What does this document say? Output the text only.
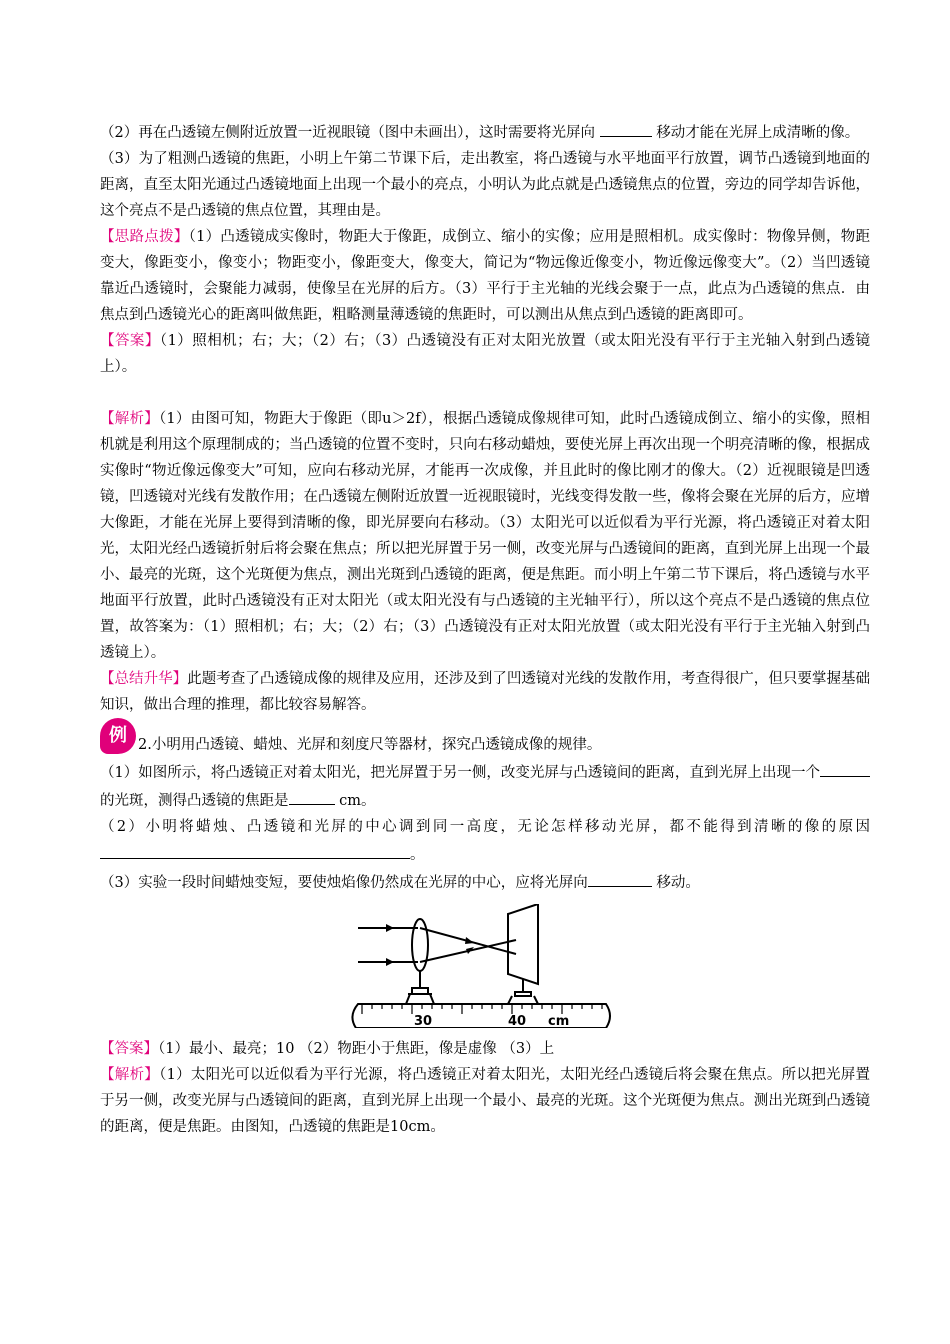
（2）再在凸透镜左侧附近放置一近视眼镜（图中未画出），这时需要将光屏向	移动才能在光屏上成清晰的像。

（3）为了粗测凸透镜的焦距，小明上午第二节课下后，走出教室，将凸透镜与水平地面平行放置，调节凸透镜到地面的距离，直至太阳光通过凸透镜地面上出现一个最小的亮点，小明认为此点就是凸透镜焦点的位置，旁边的同学却告诉他，这个亮点不是凸透镜的焦点位置，其理由是。

【思路点拨】（1）凸透镜成实像时，物距大于像距，成倒立、缩小的实像；应用是照相机。成实像时：物像异侧，物距变大，像距变小，像变小；物距变小，像距变大，像变大，简记为“物远像近像变小，物近像远像变大”。（2）当凹透镜靠近凸透镜时，会聚能力减弱，使像呈在光屏的后方。（3）平行于主光轴的光线会聚于一点，此点为凸透镜的焦点．由焦点到凸透镜光心的距离叫做焦距，粗略测量薄透镜的焦距时，可以测出从焦点到凸透镜的距离即可。

【答案】（1）照相机；右；大；（2）右；（3）凸透镜没有正对太阳光放置（或太阳光没有平行于主光轴入射到凸透镜上）。

【解析】（1）由图可知，物距大于像距（即u＞2f），根据凸透镜成像规律可知，此时凸透镜成倒立、缩小的实像，照相机就是利用这个原理制成的；当凸透镜的位置不变时，只向右移动蜡烛，要使光屏上再次出现一个明亮清晰的像，根据成实像时“物近像远像变大”可知，应向右移动光屏，才能再一次成像，并且此时的像比刚才的像大。（2）近视眼镜是凹透镜，凹透镜对光线有发散作用；在凸透镜左侧附近放置一近视眼镜时，光线变得发散一些，像将会聚在光屏的后方，应增大像距，才能在光屏上要得到清晰的像，即光屏要向右移动。（3）太阳光可以近似看为平行光源，将凸透镜正对着太阳光，太阳光经凸透镜折射后将会聚在焦点；所以把光屏置于另一侧，改变光屏与凸透镜间的距离，直到光屏上出现一个最小、最亮的光斑，这个光斑便为焦点，测出光斑到凸透镜的距离，便是焦距。而小明上午第二节下课后，将凸透镜与水平地面平行放置，此时凸透镜没有正对太阳光（或太阳光没有与凸透镜的主光轴平行），所以这个亮点不是凸透镜的焦点位置，故答案为：（1）照相机；右；大；（2）右；（3）凸透镜没有正对太阳光放置（或太阳光没有平行于主光轴入射到凸透镜上）。

【总结升华】此题考查了凸透镜成像的规律及应用，还涉及到了凹透镜对光线的发散作用，考查得很广，但只要掌握基础知识，做出合理的推理，都比较容易解答。

例 2.小明用凸透镜、蜡烛、光屏和刻度尺等器材，探究凸透镜成像的规律。

（1）如图所示，将凸透镜正对着太阳光，把光屏置于另一侧，改变光屏与凸透镜间的距离，直到光屏上出现一个的光斑，测得凸透镜的焦距是	cm。

（2）小明将蜡烛、凸透镜和光屏的中心调到同一高度，无论怎样移动光屏，都不能得到清晰的像的原因。

（3）实验一段时间蜡烛变短，要使烛焰像仍然成在光屏的中心，应将光屏向	移动。

30	40 cm

【答案】（1）最小、最亮；10 （2）物距小于焦距，像是虚像 （3）上

【解析】（1）太阳光可以近似看为平行光源，将凸透镜正对着太阳光，太阳光经凸透镜后将会聚在焦点。所以把光屏置于另一侧，改变光屏与凸透镜间的距离，直到光屏上出现一个最小、最亮的光斑。这个光斑便为焦点。测出光斑到凸透镜的距离，便是焦距。由图知，凸透镜的焦距是10cm。
